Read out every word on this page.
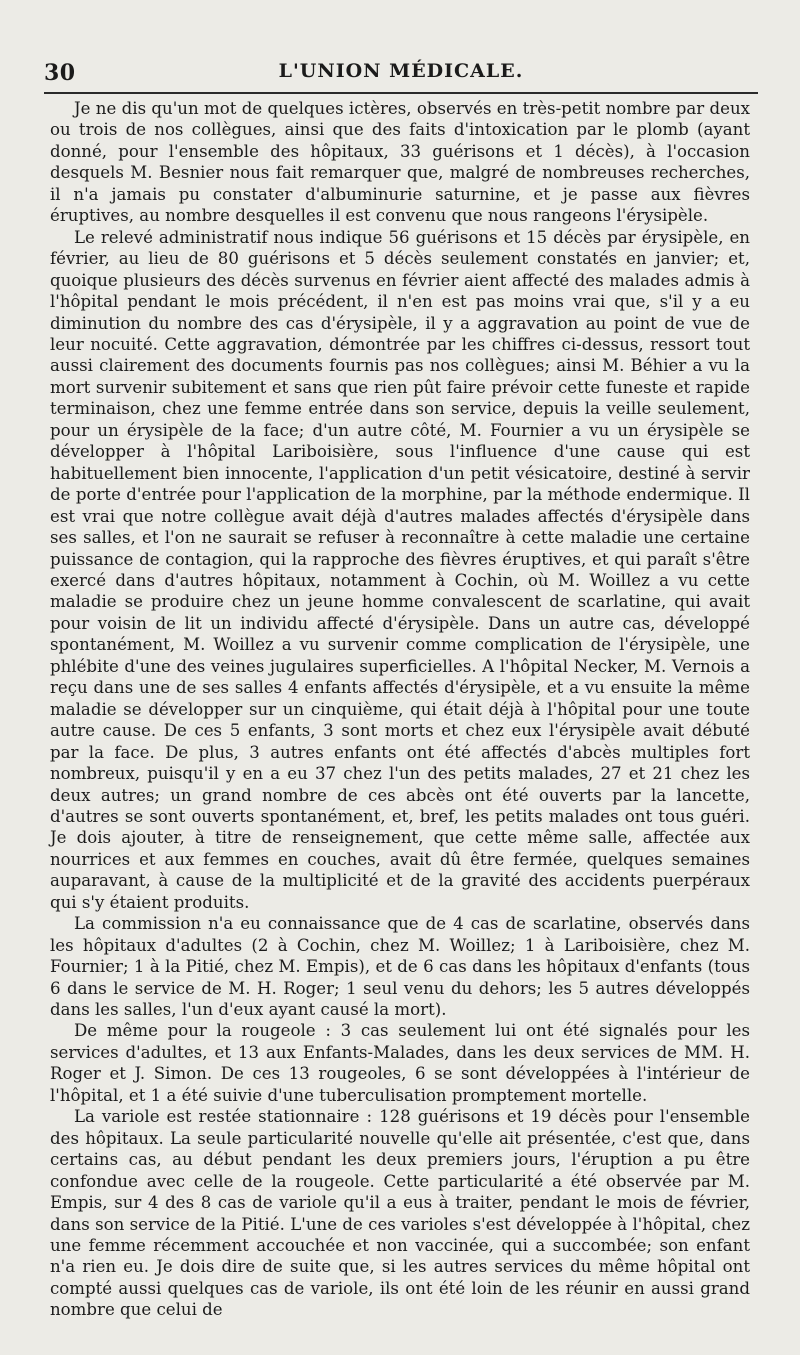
30	L'UNION MÉDICALE.

Je ne dis qu'un mot de quelques ictères, observés en très-petit nombre par deux ou trois de nos collègues, ainsi que des faits d'intoxication par le plomb (ayant donné, pour l'ensemble des hôpitaux, 33 guérisons et 1 décès), à l'occasion desquels M. Besnier nous fait remarquer que, malgré de nombreuses recherches, il n'a jamais pu constater d'albuminurie saturnine, et je passe aux fièvres éruptives, au nombre desquelles il est convenu que nous rangeons l'érysipèle.

Le relevé administratif nous indique 56 guérisons et 15 décès par érysipèle, en février, au lieu de 80 guérisons et 5 décès seulement constatés en janvier; et, quoique plusieurs des décès survenus en février aient affecté des malades admis à l'hôpital pendant le mois précédent, il n'en est pas moins vrai que, s'il y a eu diminution du nombre des cas d'érysipèle, il y a aggravation au point de vue de leur nocuité. Cette aggravation, démontrée par les chiffres ci-dessus, ressort tout aussi clairement des documents fournis pas nos collègues; ainsi M. Béhier a vu la mort survenir subitement et sans que rien pût faire prévoir cette funeste et rapide terminaison, chez une femme entrée dans son service, depuis la veille seulement, pour un érysipèle de la face; d'un autre côté, M. Fournier a vu un érysipèle se développer à l'hôpital Lariboisière, sous l'influence d'une cause qui est habituellement bien innocente, l'application d'un petit vésicatoire, destiné à servir de porte d'entrée pour l'application de la morphine, par la méthode endermique. Il est vrai que notre collègue avait déjà d'autres malades affectés d'érysipèle dans ses salles, et l'on ne saurait se refuser à reconnaître à cette maladie une certaine puissance de contagion, qui la rapproche des fièvres éruptives, et qui paraît s'être exercé dans d'autres hôpitaux, notamment à Cochin, où M. Woillez a vu cette maladie se produire chez un jeune homme convalescent de scarlatine, qui avait pour voisin de lit un individu affecté d'érysipèle. Dans un autre cas, développé spontanément, M. Woillez a vu survenir comme complication de l'érysipèle, une phlébite d'une des veines jugulaires superficielles. A l'hôpital Necker, M. Vernois a reçu dans une de ses salles 4 enfants affectés d'érysipèle, et a vu ensuite la même maladie se développer sur un cinquième, qui était déjà à l'hôpital pour une toute autre cause. De ces 5 enfants, 3 sont morts et chez eux l'érysipèle avait débuté par la face. De plus, 3 autres enfants ont été affectés d'abcès multiples fort nombreux, puisqu'il y en a eu 37 chez l'un des petits malades, 27 et 21 chez les deux autres; un grand nombre de ces abcès ont été ouverts par la lancette, d'autres se sont ouverts spontanément, et, bref, les petits malades ont tous guéri. Je dois ajouter, à titre de renseignement, que cette même salle, affectée aux nourrices et aux femmes en couches, avait dû être fermée, quelques semaines auparavant, à cause de la multiplicité et de la gravité des accidents puerpéraux qui s'y étaient produits.

La commission n'a eu connaissance que de 4 cas de scarlatine, observés dans les hôpitaux d'adultes (2 à Cochin, chez M. Woillez; 1 à Lariboisière, chez M. Fournier; 1 à la Pitié, chez M. Empis), et de 6 cas dans les hôpitaux d'enfants (tous 6 dans le service de M. H. Roger; 1 seul venu du dehors; les 5 autres développés dans les salles, l'un d'eux ayant causé la mort).

De même pour la rougeole : 3 cas seulement lui ont été signalés pour les services d'adultes, et 13 aux Enfants-Malades, dans les deux services de MM. H. Roger et J. Simon. De ces 13 rougeoles, 6 se sont développées à l'intérieur de l'hôpital, et 1 a été suivie d'une tuberculisation promptement mortelle.

La variole est restée stationnaire : 128 guérisons et 19 décès pour l'ensemble des hôpitaux. La seule particularité nouvelle qu'elle ait présentée, c'est que, dans certains cas, au début pendant les deux premiers jours, l'éruption a pu être confondue avec celle de la rougeole. Cette particularité a été observée par M. Empis, sur 4 des 8 cas de variole qu'il a eus à traiter, pendant le mois de février, dans son service de la Pitié. L'une de ces varioles s'est développée à l'hôpital, chez une femme récemment accouchée et non vaccinée, qui a succombée; son enfant n'a rien eu. Je dois dire de suite que, si les autres services du même hôpital ont compté aussi quelques cas de variole, ils ont été loin de les réunir en aussi grand nombre que celui de
